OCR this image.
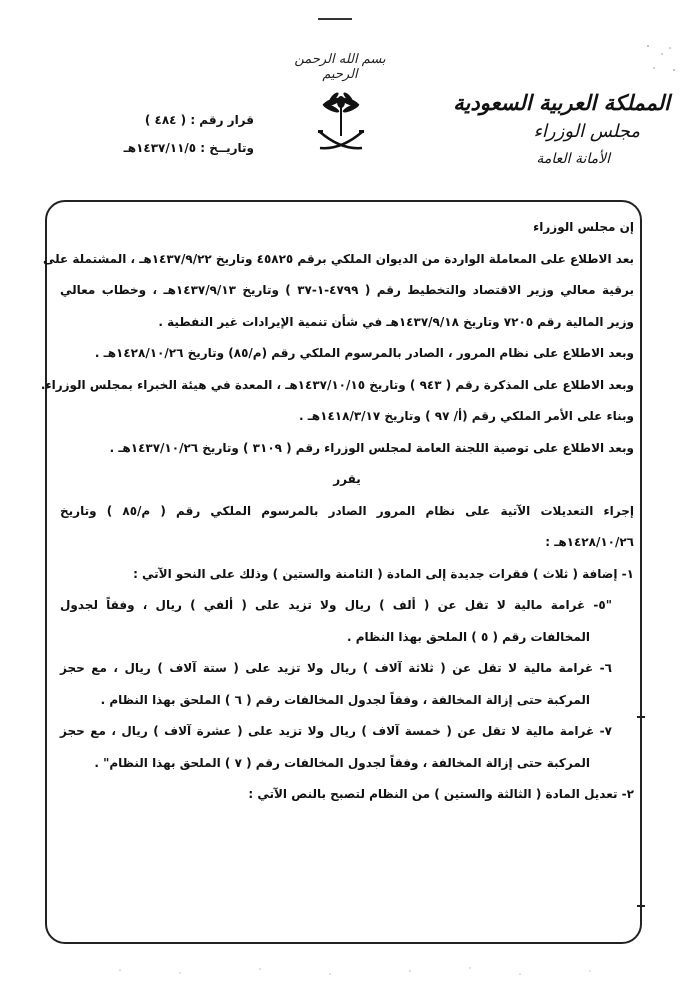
بسم الله الرحمن الرحيم
المملكة العربية السعودية
مجلس الوزراء
الأمانة العامة
قرار رقم : ( ٤٨٤ )
وتاريــخ : ١٤٣٧/١١/٥هـ
إن مجلس الوزراء
بعد الاطلاع على المعاملة الواردة من الديوان الملكي برقم ٤٥٨٢٥ وتاريخ ١٤٣٧/٩/٢٢هـ ، المشتملة على
برقية معالي وزير الاقتصاد والتخطيط رقم ( ٤٧٩٩-١-٣٧ ) وتاريخ ١٤٣٧/٩/١٣هـ ، وخطاب معالي
وزير المالية رقم ٧٢٠٥ وتاريخ ١٤٣٧/٩/١٨هـ في شأن تنمية الإيرادات غير النفطية .
وبعد الاطلاع على نظام المرور ، الصادر بالمرسوم الملكي رقم (م/٨٥) وتاريخ ١٤٢٨/١٠/٢٦هـ .
وبعد الاطلاع على المذكرة رقم ( ٩٤٣ ) وتاريخ ١٤٣٧/١٠/١٥هـ ، المعدة في هيئة الخبراء بمجلس الوزراء.
وبناء على الأمر الملكي رقم (أ/ ٩٧ ) وتاريخ ١٤١٨/٣/١٧هـ .
وبعد الاطلاع على توصية اللجنة العامة لمجلس الوزراء رقم ( ٣١٠٩ ) وتاريخ ١٤٣٧/١٠/٢٦هـ .
يقرر
إجراء التعديلات الآتية على نظام المرور الصادر بالمرسوم الملكي رقم ( م/٨٥ ) وتاريخ
١٤٢٨/١٠/٢٦هـ :
١- إضافة ( ثلاث ) فقرات جديدة إلى المادة ( الثامنة والستين ) وذلك على النحو الآتي :
"٥- غرامة مالية لا تقل عن ( ألف ) ريال ولا تزيد على ( ألفي ) ريال ، وفقاً لجدول
المخالفات رقم ( ٥ ) الملحق بهذا النظام .
٦- غرامة مالية لا تقل عن ( ثلاثة آلاف ) ريال ولا تزيد على ( ستة آلاف ) ريال ، مع حجز
المركبة حتى إزالة المخالفة ، وفقاً لجدول المخالفات رقم ( ٦ ) الملحق بهذا النظام .
٧- غرامة مالية لا تقل عن ( خمسة آلاف ) ريال ولا تزيد على ( عشرة آلاف ) ريال ، مع حجز
المركبة حتى إزالة المخالفة ، وفقاً لجدول المخالفات رقم ( ٧ ) الملحق بهذا النظام" .
٢- تعديل المادة ( الثالثة والستين ) من النظام لتصبح بالنص الآتي :
